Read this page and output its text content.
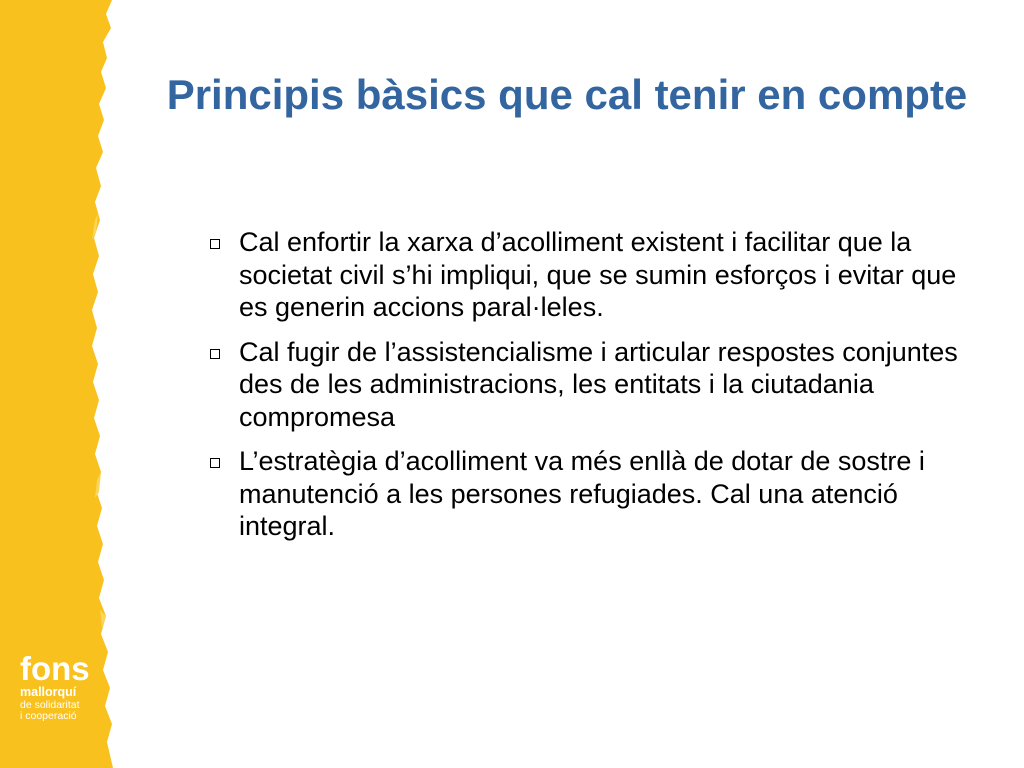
fons
mallorquí
de solidaritat
i cooperació
Principis bàsics que cal tenir en compte
Cal enfortir la xarxa d’acolliment existent i facilitar que la societat civil s’hi impliqui, que se sumin esforços i evitar que es generin accions paral·leles.
Cal fugir de l’assistencialisme i articular respostes conjuntes des de les administracions, les entitats i la ciutadania compromesa
L’estratègia d’acolliment va més enllà de dotar de sostre i manutenció a les persones refugiades. Cal una atenció integral.
